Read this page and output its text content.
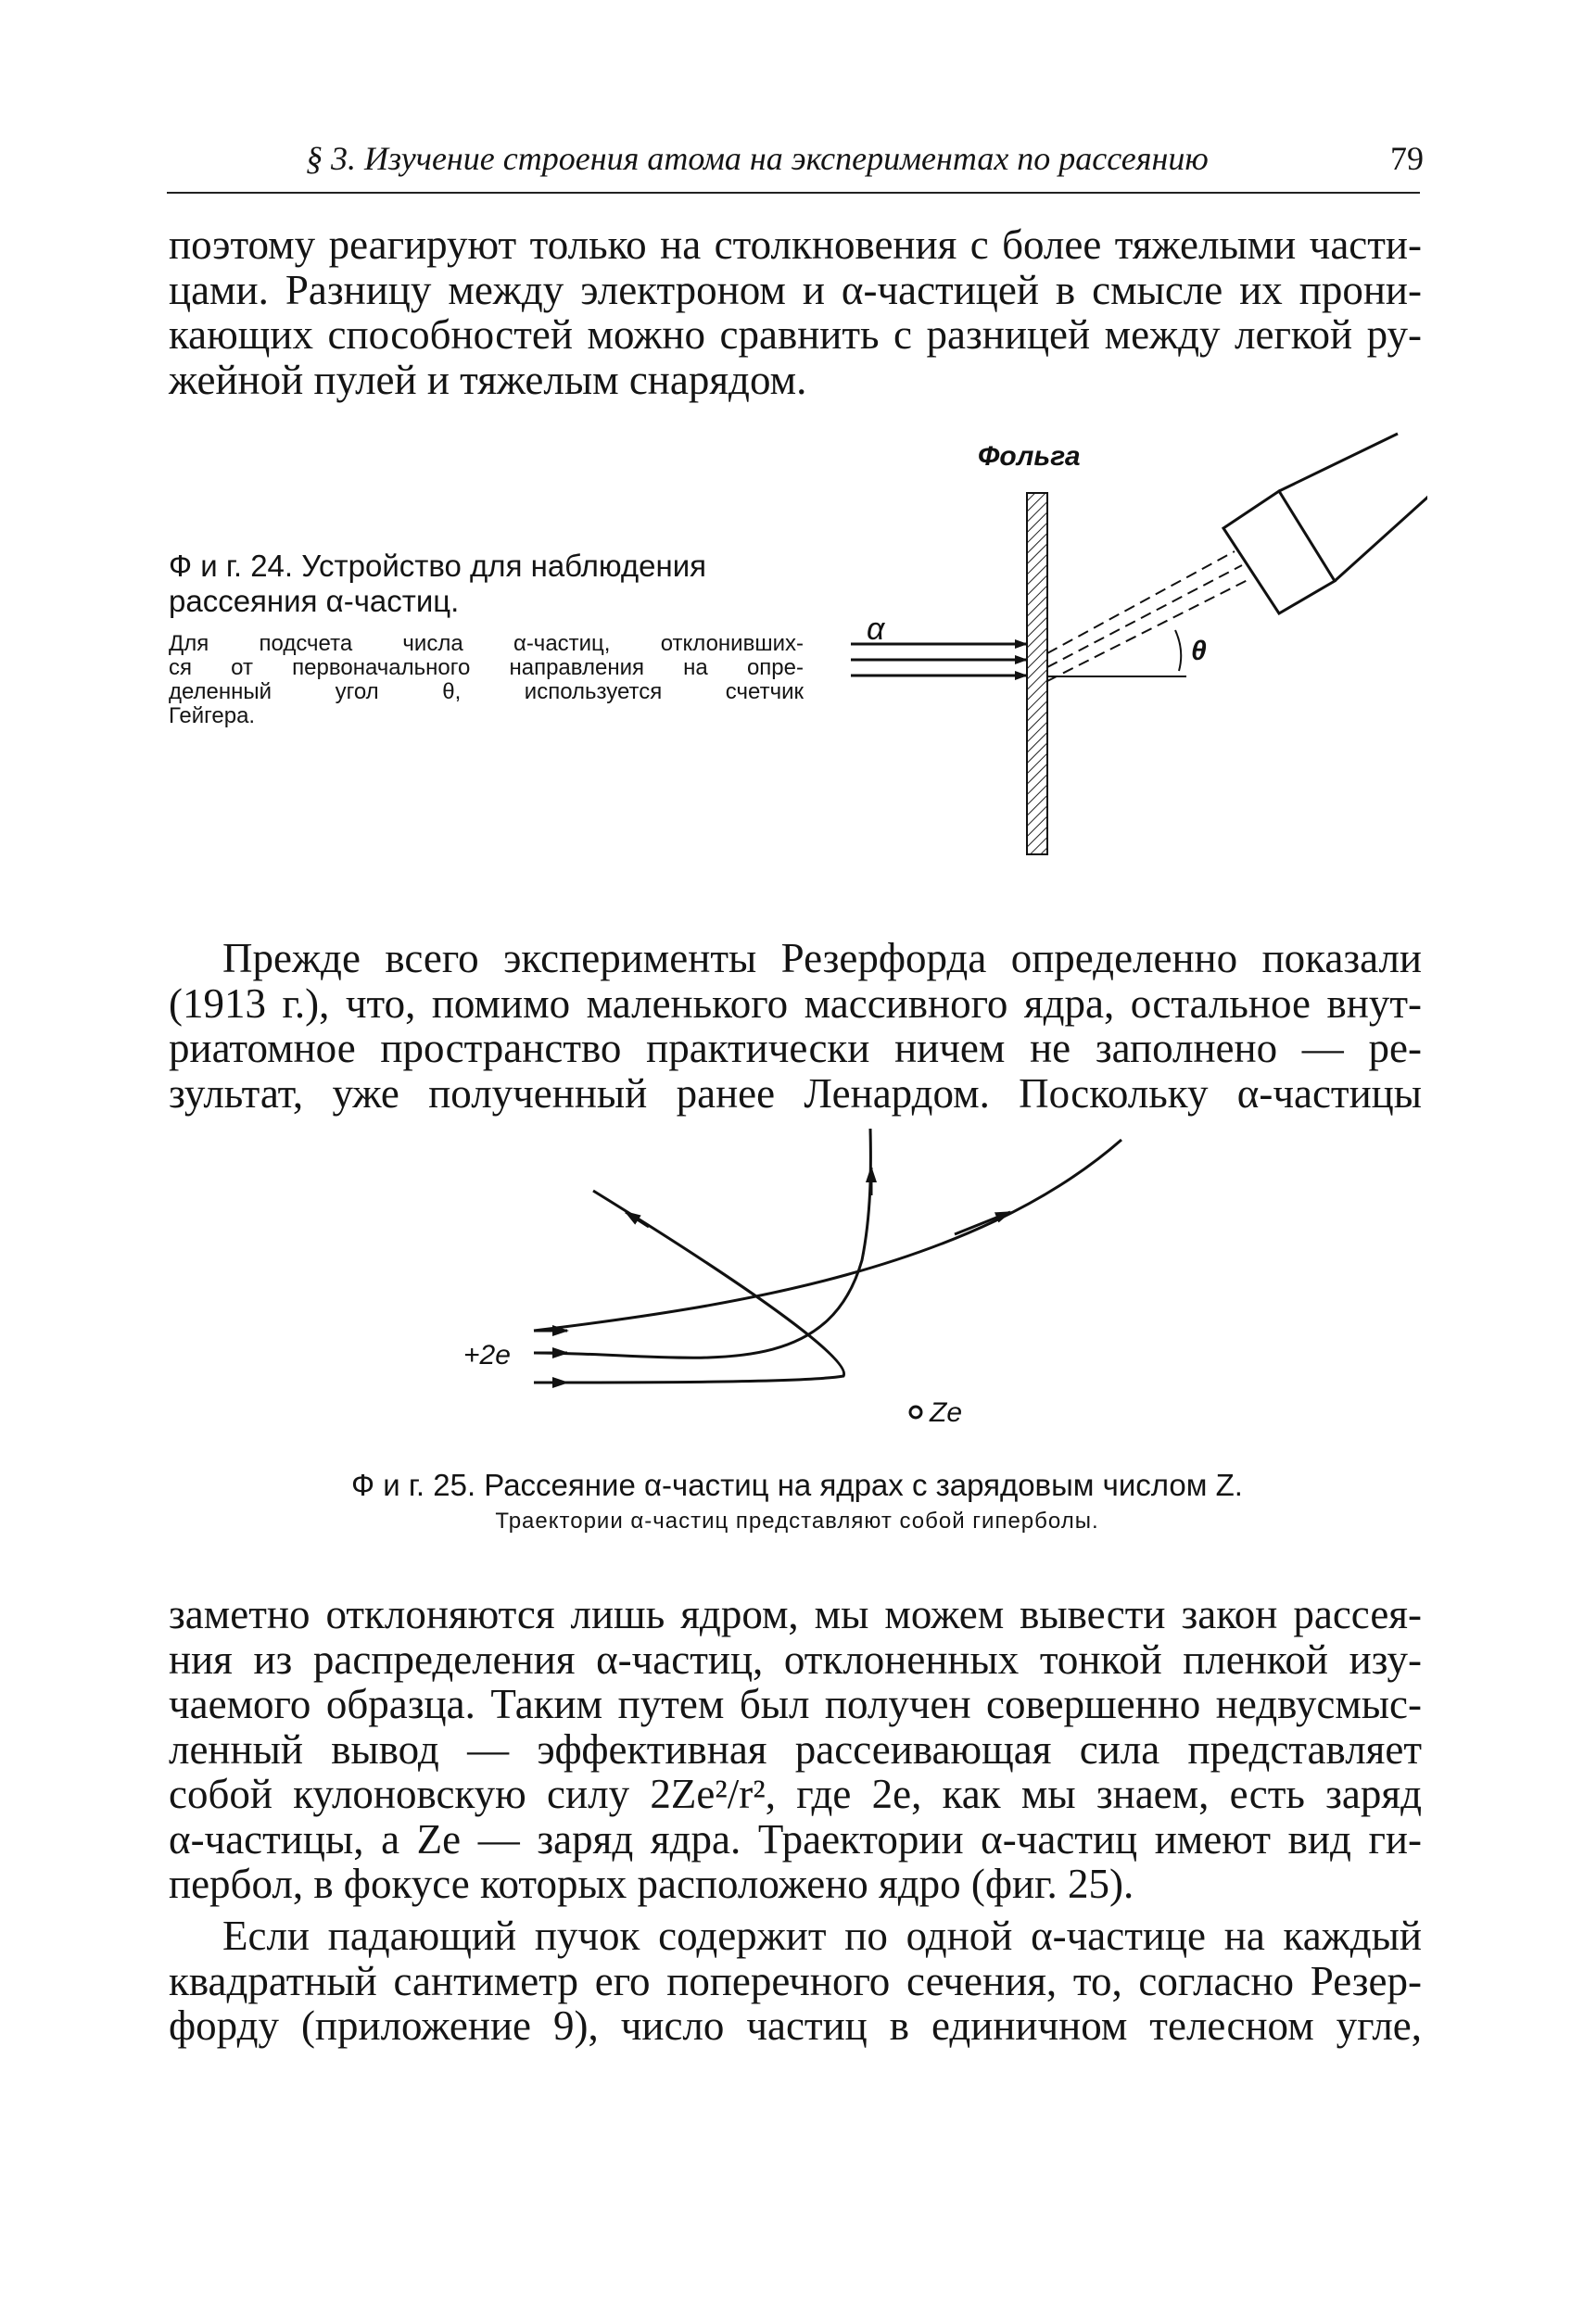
§ 3. Изучение строения атома на экспериментах по рассеянию	79
поэтому реагируют только на столкновения с более тяжелыми части-
цами. Разницу между электроном и α-частицей в смысле их прони-
кающих способностей можно сравнить с разницей между легкой ру-
жейной пулей и тяжелым снарядом.
Ф и г. 24. Устройство для наблюдения
рассеяния α-частиц.
Для подсчета числа α-частиц, отклонивших-
ся от первоначального направления на опре-
деленный угол θ, используется счетчик
Гейгера.
Фольга
α
θ
Прежде всего эксперименты Резерфорда определенно показали
(1913 г.), что, помимо маленького массивного ядра, остальное внут-
риатомное пространство практически ничем не заполнено — ре-
зультат, уже полученный ранее Ленардом. Поскольку α-частицы
+2e
Ze
Ф и г. 25. Рассеяние α-частиц на ядрах с зарядовым числом Z.
Траектории α-частиц представляют собой гиперболы.
заметно отклоняются лишь ядром, мы можем вывести закон рассея-
ния из распределения α-частиц, отклоненных тонкой пленкой изу-
чаемого образца. Таким путем был получен совершенно недвусмыс-
ленный вывод — эффективная рассеивающая сила представляет
собой кулоновскую силу 2Ze²/r², где 2e, как мы знаем, есть заряд
α-частицы, а Ze — заряд ядра. Траектории α-частиц имеют вид ги-
пербол, в фокусе которых расположено ядро (фиг. 25).
Если падающий пучок содержит по одной α-частице на каждый
квадратный сантиметр его поперечного сечения, то, согласно Резер-
форду (приложение 9), число частиц в единичном телесном угле,
